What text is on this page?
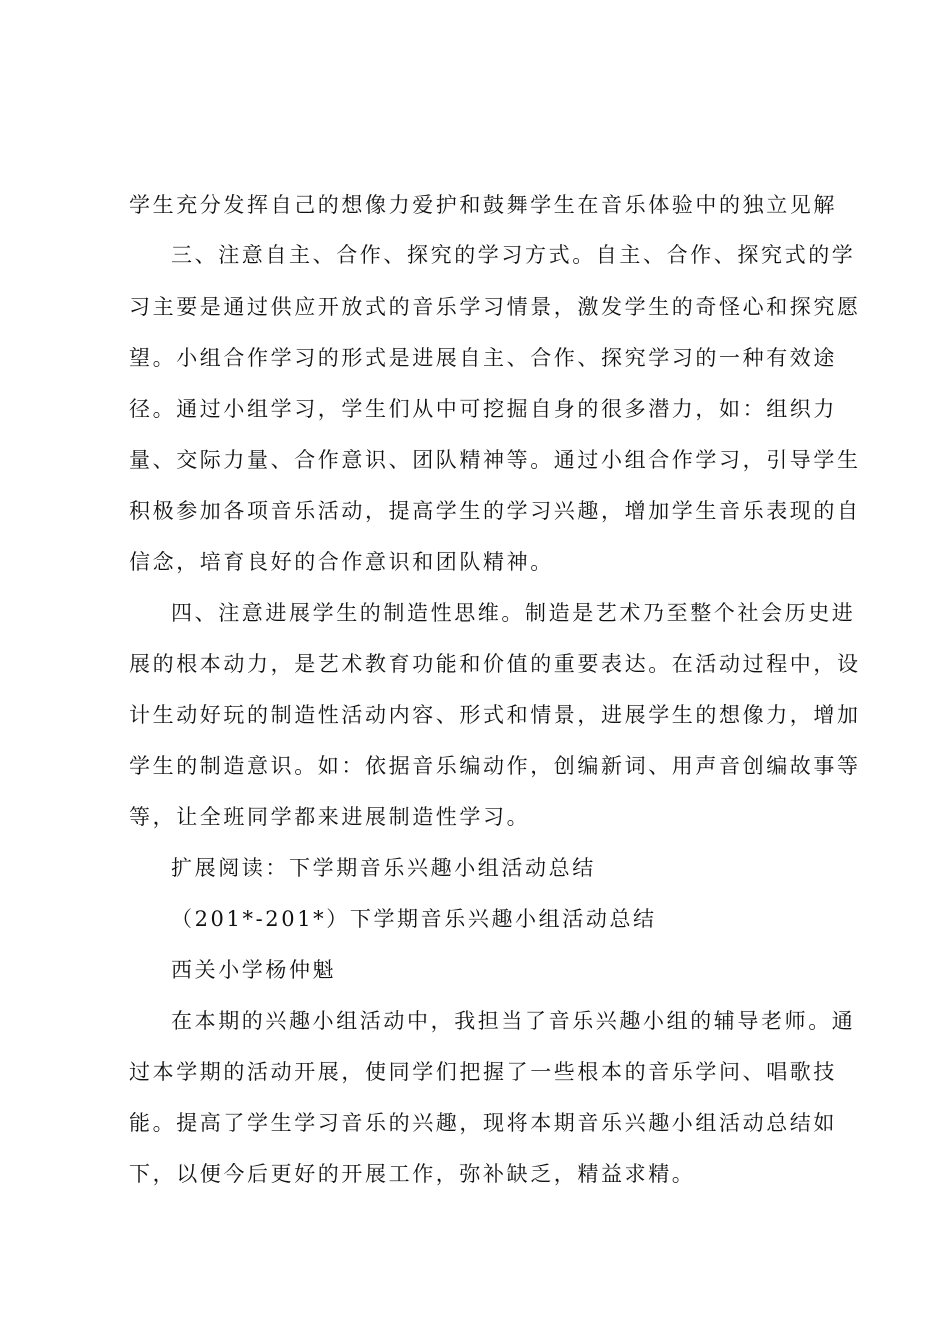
学生充分发挥自己的想像力爱护和鼓舞学生在音乐体验中的独立见解
三、注意自主、合作、探究的学习方式。自主、合作、探究式的学
习主要是通过供应开放式的音乐学习情景，激发学生的奇怪心和探究愿
望。小组合作学习的形式是进展自主、合作、探究学习的一种有效途
径。通过小组学习，学生们从中可挖掘自身的很多潜力，如：组织力
量、交际力量、合作意识、团队精神等。通过小组合作学习，引导学生
积极参加各项音乐活动，提高学生的学习兴趣，增加学生音乐表现的自
信念，培育良好的合作意识和团队精神。
四、注意进展学生的制造性思维。制造是艺术乃至整个社会历史进
展的根本动力，是艺术教育功能和价值的重要表达。在活动过程中，设
计生动好玩的制造性活动内容、形式和情景，进展学生的想像力，增加
学生的制造意识。如：依据音乐编动作，创编新词、用声音创编故事等
等，让全班同学都来进展制造性学习。
扩展阅读：下学期音乐兴趣小组活动总结
（201*-201*）下学期音乐兴趣小组活动总结
西关小学杨仲魁
在本期的兴趣小组活动中，我担当了音乐兴趣小组的辅导老师。通
过本学期的活动开展，使同学们把握了一些根本的音乐学问、唱歌技
能。提高了学生学习音乐的兴趣，现将本期音乐兴趣小组活动总结如
下，以便今后更好的开展工作，弥补缺乏，精益求精。
